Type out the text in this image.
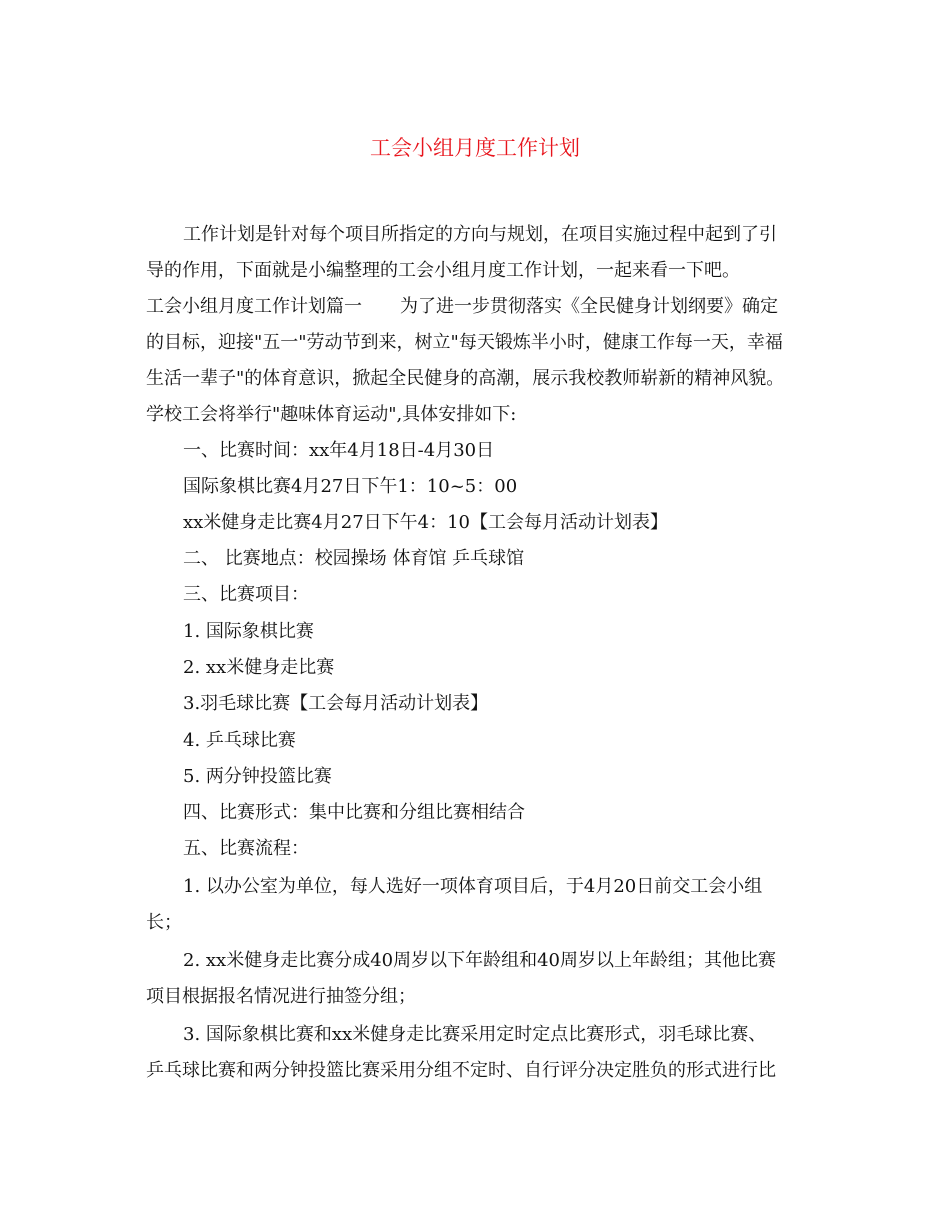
工会小组月度工作计划
工作计划是针对每个项目所指定的方向与规划，在项目实施过程中起到了引
导的作用，下面就是小编整理的工会小组月度工作计划，一起来看一下吧。
工会小组月度工作计划篇一 为了进一步贯彻落实《全民健身计划纲要》确定
的目标，迎接"五一"劳动节到来，树立"每天锻炼半小时，健康工作每一天，幸福
生活一辈子"的体育意识，掀起全民健身的高潮，展示我校教师崭新的精神风貌。
学校工会将举行"趣味体育运动",具体安排如下:
一、比赛时间：xx年4月18日-4月30日
国际象棋比赛4月27日下午1：10~5：00
xx米健身走比赛4月27日下午4：10【工会每月活动计划表】
二、 比赛地点：校园操场 体育馆 乒乓球馆
三、比赛项目：
1. 国际象棋比赛
2. xx米健身走比赛
3.羽毛球比赛【工会每月活动计划表】
4. 乒乓球比赛
5. 两分钟投篮比赛
四、比赛形式：集中比赛和分组比赛相结合
五、比赛流程：
1. 以办公室为单位，每人选好一项体育项目后，于4月20日前交工会小组
长；
2. xx米健身走比赛分成40周岁以下年龄组和40周岁以上年龄组；其他比赛
项目根据报名情况进行抽签分组；
3. 国际象棋比赛和xx米健身走比赛采用定时定点比赛形式，羽毛球比赛、
乒乓球比赛和两分钟投篮比赛采用分组不定时、自行评分决定胜负的形式进行比
